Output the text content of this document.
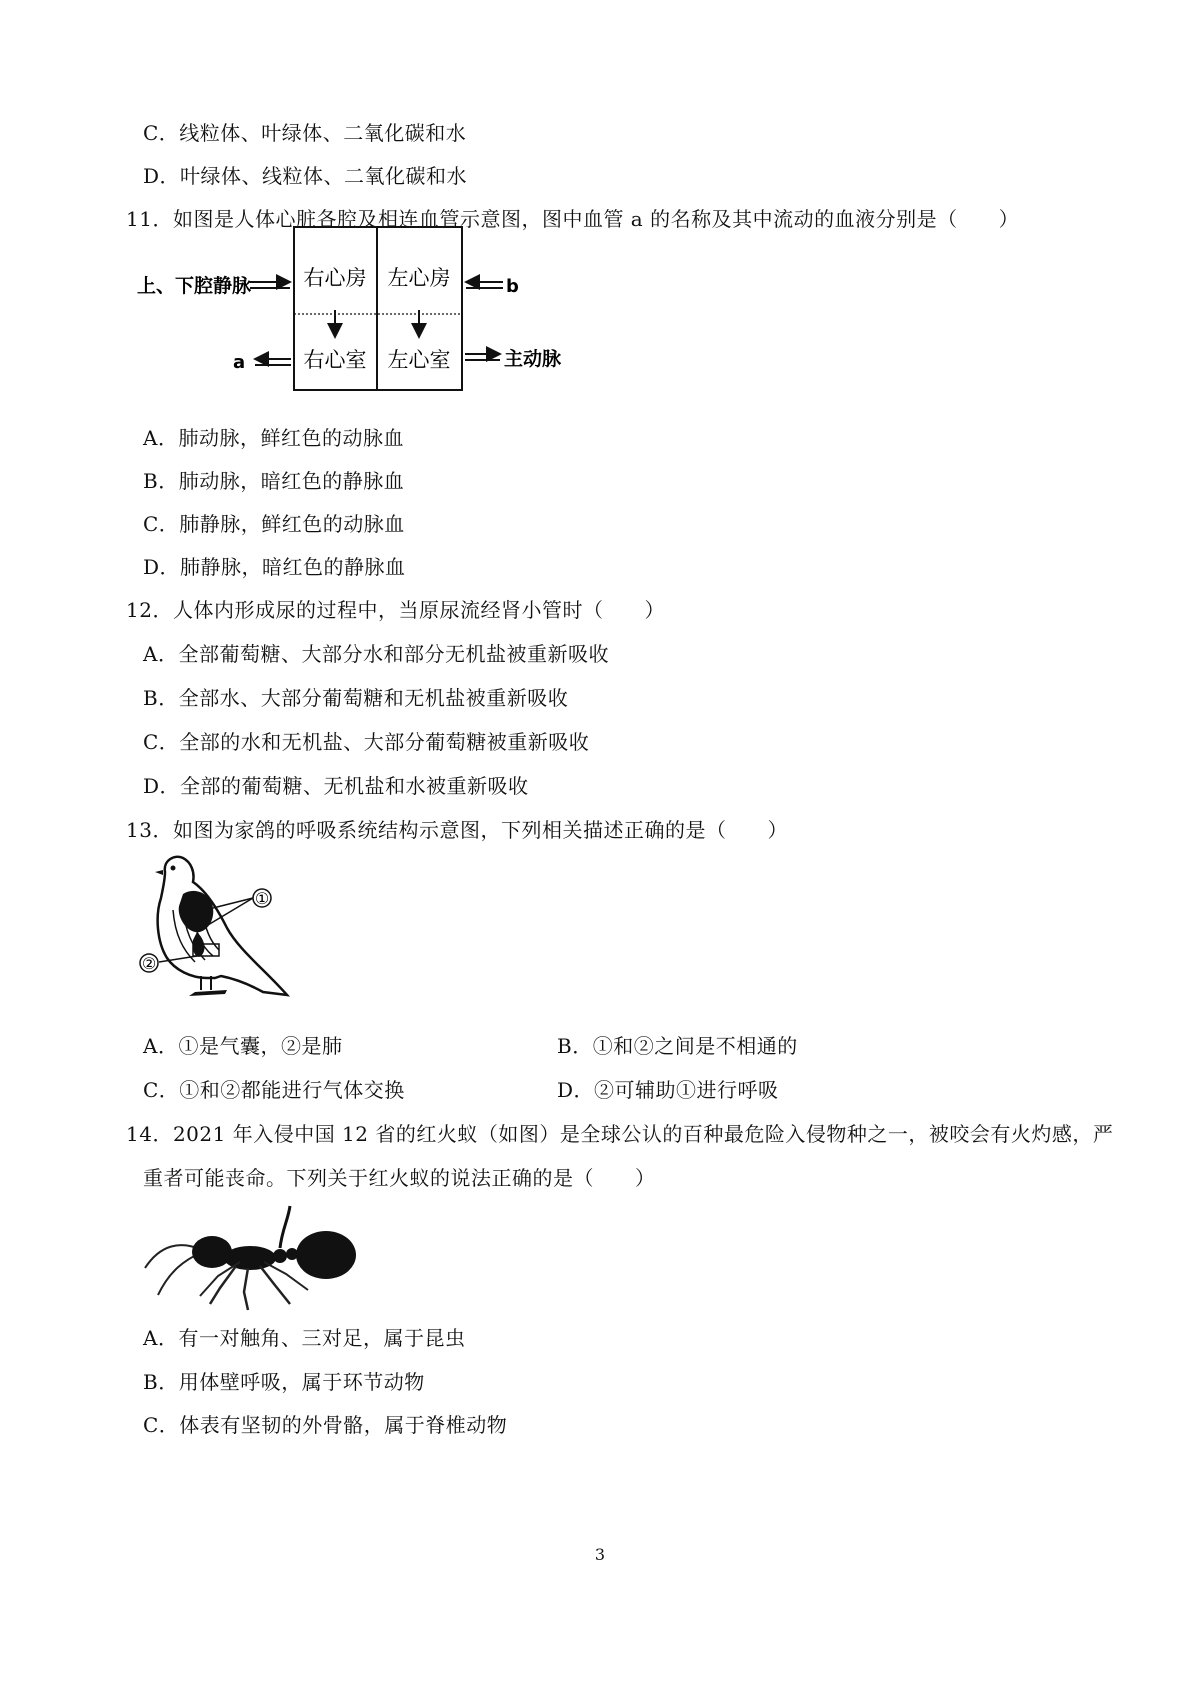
C．线粒体、叶绿体、二氧化碳和水
D．叶绿体、线粒体、二氧化碳和水
11．如图是人体心脏各腔及相连血管示意图，图中血管 a 的名称及其中流动的血液分别是（　　）
右心房 左心房
右心室 左心室
上、下腔静脉
a
b
主动脉
A．肺动脉，鲜红色的动脉血
B．肺动脉，暗红色的静脉血
C．肺静脉，鲜红色的动脉血
D．肺静脉，暗红色的静脉血
12．人体内形成尿的过程中，当原尿流经肾小管时（　　）
A．全部葡萄糖、大部分水和部分无机盐被重新吸收
B．全部水、大部分葡萄糖和无机盐被重新吸收
C．全部的水和无机盐、大部分葡萄糖被重新吸收
D．全部的葡萄糖、无机盐和水被重新吸收
13．如图为家鸽的呼吸系统结构示意图，下列相关描述正确的是（　　）
①
②
A．①是气囊，②是肺	B．①和②之间是不相通的
C．①和②都能进行气体交换	D．②可辅助①进行呼吸
14．2021 年入侵中国 12 省的红火蚁（如图）是全球公认的百种最危险入侵物种之一，被咬会有火灼感，严
重者可能丧命。下列关于红火蚁的说法正确的是（　　）
A．有一对触角、三对足，属于昆虫
B．用体壁呼吸，属于环节动物
C．体表有坚韧的外骨骼，属于脊椎动物
3
